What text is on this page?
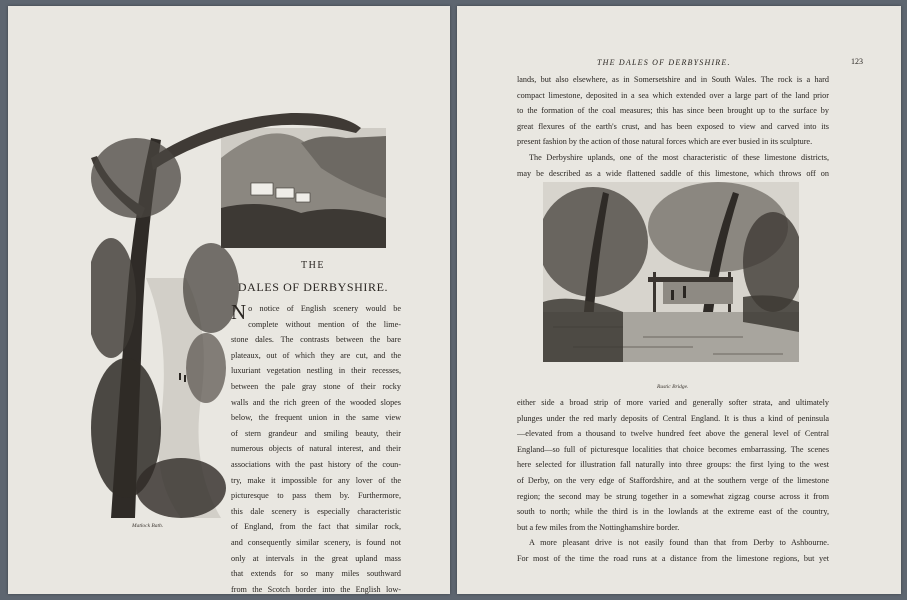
Matlock Bath.
THE
DALES OF DERBYSHIRE.
N o notice of English scenery would be
complete without mention of the lime-
stone dales. The contrasts between the bare
plateaux, out of which they are cut, and the
luxuriant vegetation nestling in their recesses,
between the pale gray stone of their rocky
walls and the rich green of the wooded slopes
below, the frequent union in the same view
of stern grandeur and smiling beauty, their
numerous objects of natural interest, and their
associations with the past history of the coun-
try, make it impossible for any lover of the
picturesque to pass them by. Furthermore,
this dale scenery is especially characteristic
of England, from the fact that similar rock,
and consequently similar scenery, is found not
only at intervals in the great upland mass
that extends for so many miles southward
from the Scotch border into the English low-
THE DALES OF DERBYSHIRE.	123
lands, but also elsewhere, as in Somersetshire and in South Wales. The rock is a hard
compact limestone, deposited in a sea which extended over a large part of the land prior
to the formation of the coal measures; this has since been brought up to the surface by
great flexures of the earth's crust, and has been exposed to view and carved into its
present fashion by the action of those natural forces which are ever busied in its sculpture.
The Derbyshire uplands, one of the most characteristic of these limestone districts,
may be described as a wide flattened saddle of this limestone, which throws off on
Rustic Bridge.
either side a broad strip of more varied and generally softer strata, and ultimately
plunges under the red marly deposits of Central England. It is thus a kind of peninsula
—elevated from a thousand to twelve hundred feet above the general level of Central
England—so full of picturesque localities that choice becomes embarrassing. The scenes
here selected for illustration fall naturally into three groups: the first lying to the west
of Derby, on the very edge of Staffordshire, and at the southern verge of the limestone
region; the second may be strung together in a somewhat zigzag course across it from
south to north; while the third is in the lowlands at the extreme east of the country,
but a few miles from the Nottinghamshire border.
A more pleasant drive is not easily found than that from Derby to Ashbourne.
For most of the time the road runs at a distance from the limestone regions, but yet
